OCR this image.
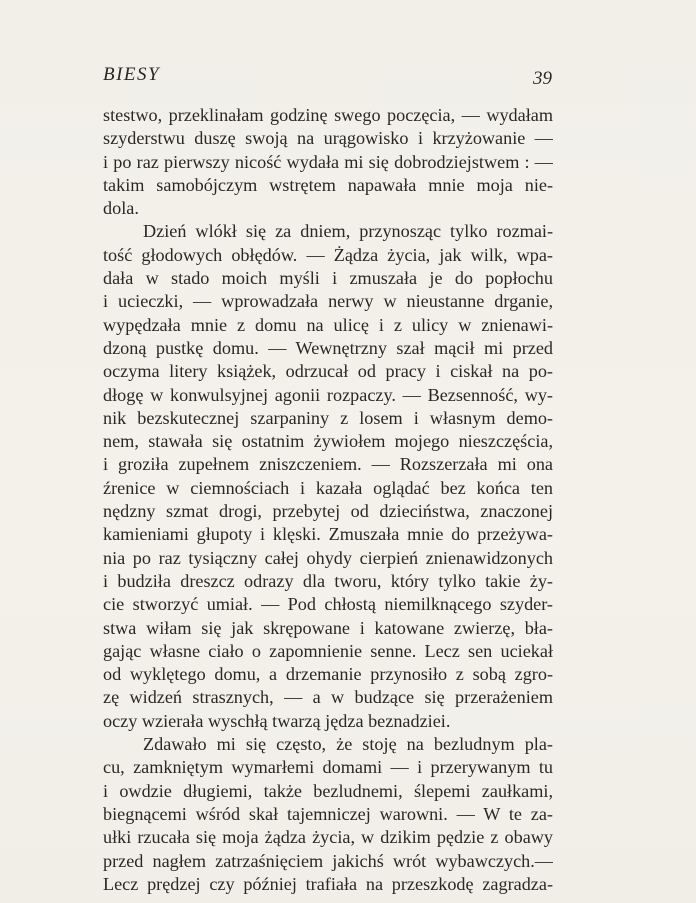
BIESY	39
stestwo, przeklinałam godzinę swego poczęcia, — wydałam
szyderstwu duszę swoją na urągowisko i krzyżowanie —
i po raz pierwszy nicość wydała mi się dobrodziejstwem : —
takim samobójczym wstrętem napawała mnie moja nie-
dola.
Dzień wlókł się za dniem, przynosząc tylko rozmai-
tość głodowych obłędów. — Żądza życia, jak wilk, wpa-
dała w stado moich myśli i zmuszała je do popłochu
i ucieczki, — wprowadzała nerwy w nieustanne drganie,
wypędzała mnie z domu na ulicę i z ulicy w znienawi-
dzoną pustkę domu. — Wewnętrzny szał mącił mi przed
oczyma litery książek, odrzucał od pracy i ciskał na po-
dłogę w konwulsyjnej agonii rozpaczy. — Bezsenność, wy-
nik bezskutecznej szarpaniny z losem i własnym demo-
nem, stawała się ostatnim żywiołem mojego nieszczęścia,
i groziła zupełnem zniszczeniem. — Rozszerzała mi ona
źrenice w ciemnościach i kazała oglądać bez końca ten
nędzny szmat drogi, przebytej od dzieciństwa, znaczonej
kamieniami głupoty i klęski. Zmuszała mnie do przeżywa-
nia po raz tysiączny całej ohydy cierpień znienawidzonych
i budziła dreszcz odrazy dla tworu, który tylko takie ży-
cie stworzyć umiał. — Pod chłostą niemilknącego szyder-
stwa wiłam się jak skrępowane i katowane zwierzę, bła-
gając własne ciało o zapomnienie senne. Lecz sen uciekał
od wyklętego domu, a drzemanie przynosiło z sobą zgro-
zę widzeń strasznych, — a w budzące się przerażeniem
oczy wzierała wyschłą twarzą jędza beznadziei.
Zdawało mi się często, że stoję na bezludnym pla-
cu, zamkniętym wymarłemi domami — i przerywanym tu
i owdzie długiemi, także bezludnemi, ślepemi zaułkami,
biegnącemi wśród skał tajemniczej warowni. — W te za-
ułki rzucała się moja żądza życia, w dzikim pędzie z obawy
przed nagłem zatrzaśnięciem jakichś wrót wybawczych.—
Lecz prędzej czy później trafiała na przeszkodę zagradza-
